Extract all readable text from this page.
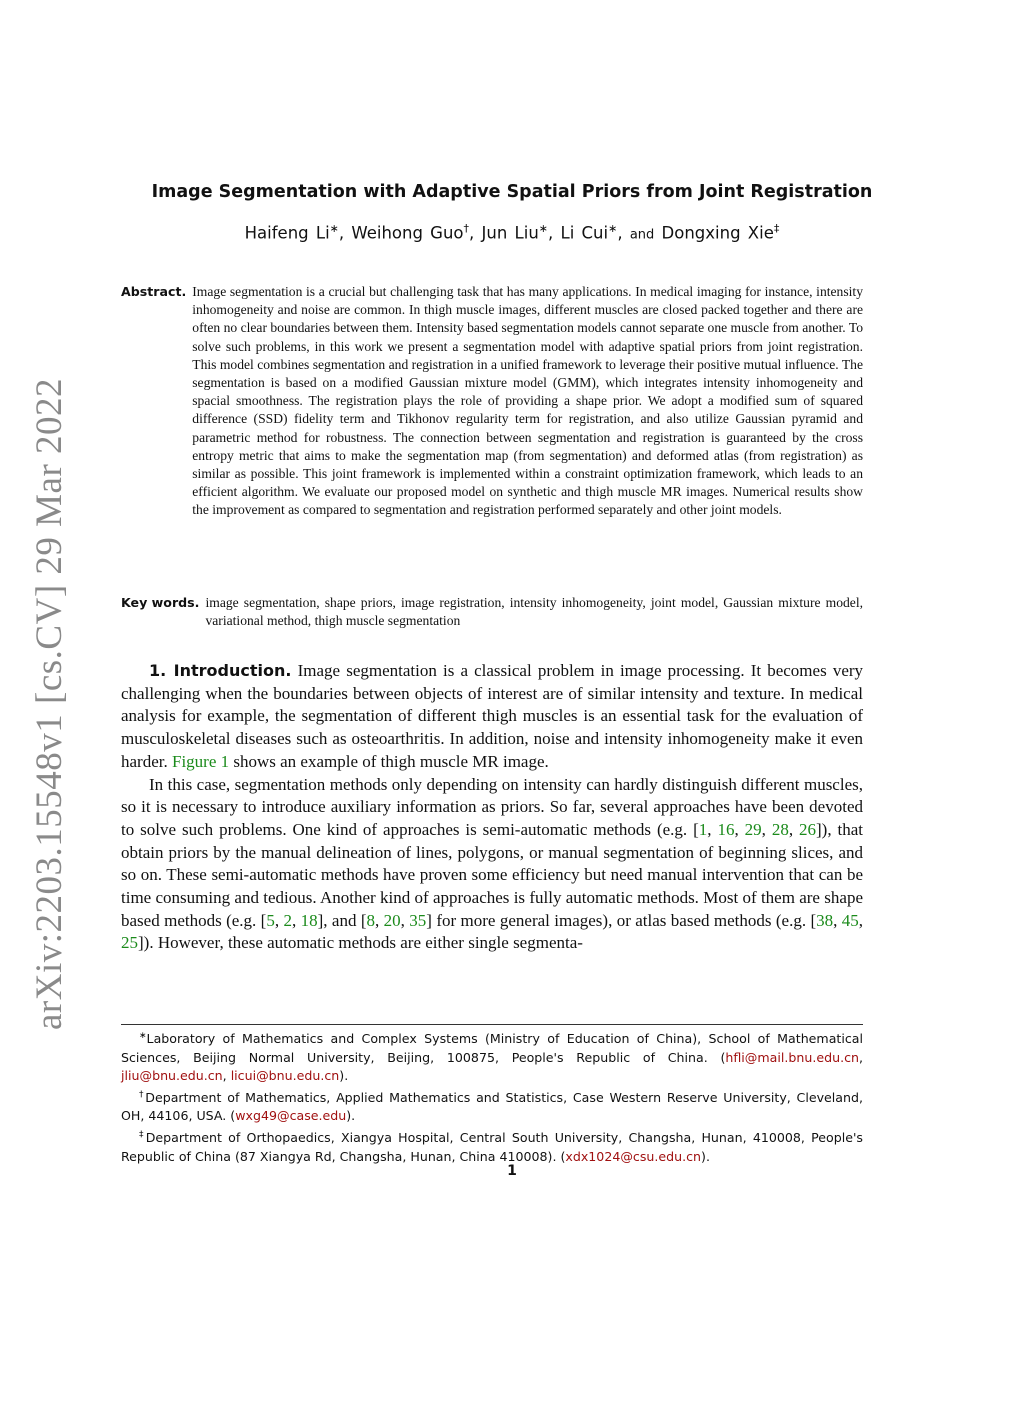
arXiv:2203.15548v1 [cs.CV] 29 Mar 2022
Image Segmentation with Adaptive Spatial Priors from Joint Registration
Haifeng Li∗, Weihong Guo†, Jun Liu∗, Li Cui∗, and Dongxing Xie‡
Abstract. Image segmentation is a crucial but challenging task that has many applications. In medical imaging for instance, intensity inhomogeneity and noise are common. In thigh muscle images, different muscles are closed packed together and there are often no clear boundaries between them. Intensity based segmentation models cannot separate one muscle from another. To solve such problems, in this work we present a segmentation model with adaptive spatial priors from joint registration. This model combines segmentation and registration in a unified framework to leverage their positive mutual influence. The segmentation is based on a modified Gaussian mixture model (GMM), which integrates intensity inhomogeneity and spacial smoothness. The registration plays the role of providing a shape prior. We adopt a modified sum of squared difference (SSD) fidelity term and Tikhonov regularity term for registration, and also utilize Gaussian pyramid and parametric method for robustness. The connection between segmentation and registration is guaranteed by the cross entropy metric that aims to make the segmentation map (from segmentation) and deformed atlas (from registration) as similar as possible. This joint framework is implemented within a constraint optimization framework, which leads to an efficient algorithm. We evaluate our proposed model on synthetic and thigh muscle MR images. Numerical results show the improvement as compared to segmentation and registration performed separately and other joint models.
Key words. image segmentation, shape priors, image registration, intensity inhomogeneity, joint model, Gaussian mixture model, variational method, thigh muscle segmentation

1. Introduction. Image segmentation is a classical problem in image processing. It becomes very challenging when the boundaries between objects of interest are of similar intensity and texture. In medical analysis for example, the segmentation of different thigh muscles is an essential task for the evaluation of musculoskeletal diseases such as osteoarthritis. In addition, noise and intensity inhomogeneity make it even harder. Figure 1 shows an example of thigh muscle MR image.

In this case, segmentation methods only depending on intensity can hardly distinguish different muscles, so it is necessary to introduce auxiliary information as priors. So far, several approaches have been devoted to solve such problems. One kind of approaches is semi-automatic methods (e.g. [1, 16, 29, 28, 26]), that obtain priors by the manual delineation of lines, polygons, or manual segmentation of beginning slices, and so on. These semi-automatic methods have proven some efficiency but need manual intervention that can be time consuming and tedious. Another kind of approaches is fully automatic methods. Most of them are shape based methods (e.g. [5, 2, 18], and [8, 20, 35] for more general images), or atlas based methods (e.g. [38, 45, 25]). However, these automatic methods are either single segmenta-

∗Laboratory of Mathematics and Complex Systems (Ministry of Education of China), School of Mathematical Sciences, Beijing Normal University, Beijing, 100875, People's Republic of China. (hfli@mail.bnu.edu.cn, jliu@bnu.edu.cn, licui@bnu.edu.cn).

†Department of Mathematics, Applied Mathematics and Statistics, Case Western Reserve University, Cleveland, OH, 44106, USA. (wxg49@case.edu).

‡Department of Orthopaedics, Xiangya Hospital, Central South University, Changsha, Hunan, 410008, People's Republic of China (87 Xiangya Rd, Changsha, Hunan, China 410008). (xdx1024@csu.edu.cn).

1
